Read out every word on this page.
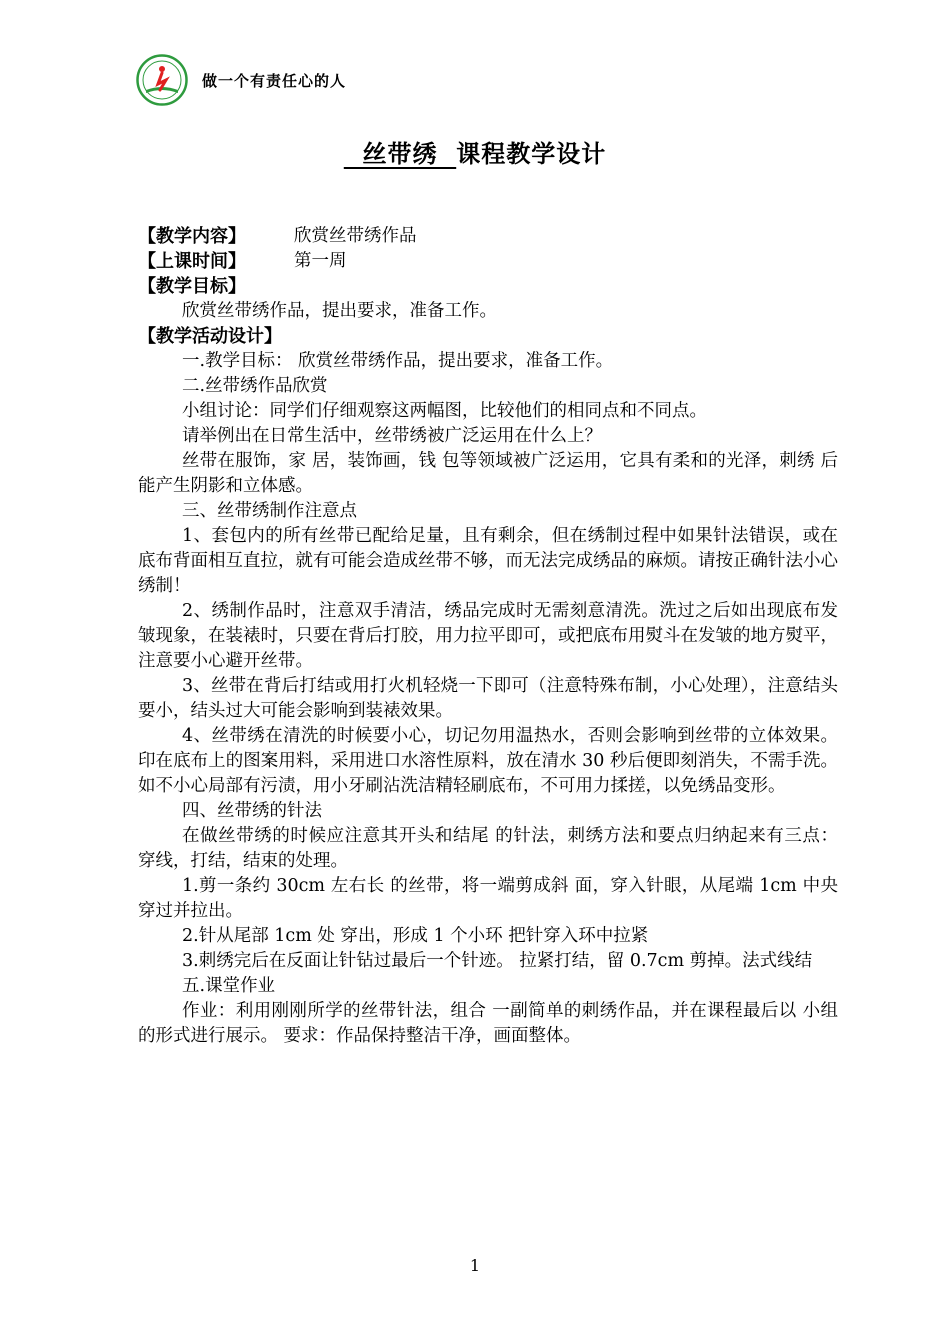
做一个有责任心的人
丝带绣  课程教学设计
【教学内容】	欣赏丝带绣作品
【上课时间】	第一周
【教学目标】

欣赏丝带绣作品，提出要求，准备工作。

【教学活动设计】

一.教学目标： 欣赏丝带绣作品，提出要求，准备工作。

二.丝带绣作品欣赏

小组讨论：同学们仔细观察这两幅图，比较他们的相同点和不同点。

请举例出在日常生活中，丝带绣被广泛运用在什么上？

丝带在服饰，家 居，装饰画，钱 包等领域被广泛运用，它具有柔和的光泽，刺绣 后能产生阴影和立体感。

三、丝带绣制作注意点

1、套包内的所有丝带已配给足量，且有剩余，但在绣制过程中如果针法错误，或在底布背面相互直拉，就有可能会造成丝带不够，而无法完成绣品的麻烦。请按正确针法小心绣制！

2、绣制作品时，注意双手清洁，绣品完成时无需刻意清洗。洗过之后如出现底布发皱现象，在装裱时，只要在背后打胶，用力拉平即可，或把底布用熨斗在发皱的地方熨平，注意要小心避开丝带。

3、丝带在背后打结或用打火机轻烧一下即可（注意特殊布制，小心处理），注意结头要小，结头过大可能会影响到装裱效果。

4、丝带绣在清洗的时候要小心，切记勿用温热水，否则会影响到丝带的立体效果。印在底布上的图案用料，采用进口水溶性原料，放在清水 30 秒后便即刻消失，不需手洗。如不小心局部有污渍，用小牙刷沾洗洁精轻刷底布，不可用力揉搓，以免绣品变形。

四、丝带绣的针法

在做丝带绣的时候应注意其开头和结尾 的针法，刺绣方法和要点归纳起来有三点： 穿线，打结，结束的处理。

1.剪一条约 30cm 左右长 的丝带，将一端剪成斜 面，穿入针眼，从尾端 1cm 中央穿过并拉出。

2.针从尾部 1cm 处 穿出，形成 1 个小环 把针穿入环中拉紧

3.刺绣完后在反面让针钻过最后一个针迹。 拉紧打结，留 0.7cm 剪掉。法式线结

五.课堂作业

作业：利用刚刚所学的丝带针法，组合 一副简单的刺绣作品，并在课程最后以 小组的形式进行展示。 要求：作品保持整洁干净，画面整体。

1
